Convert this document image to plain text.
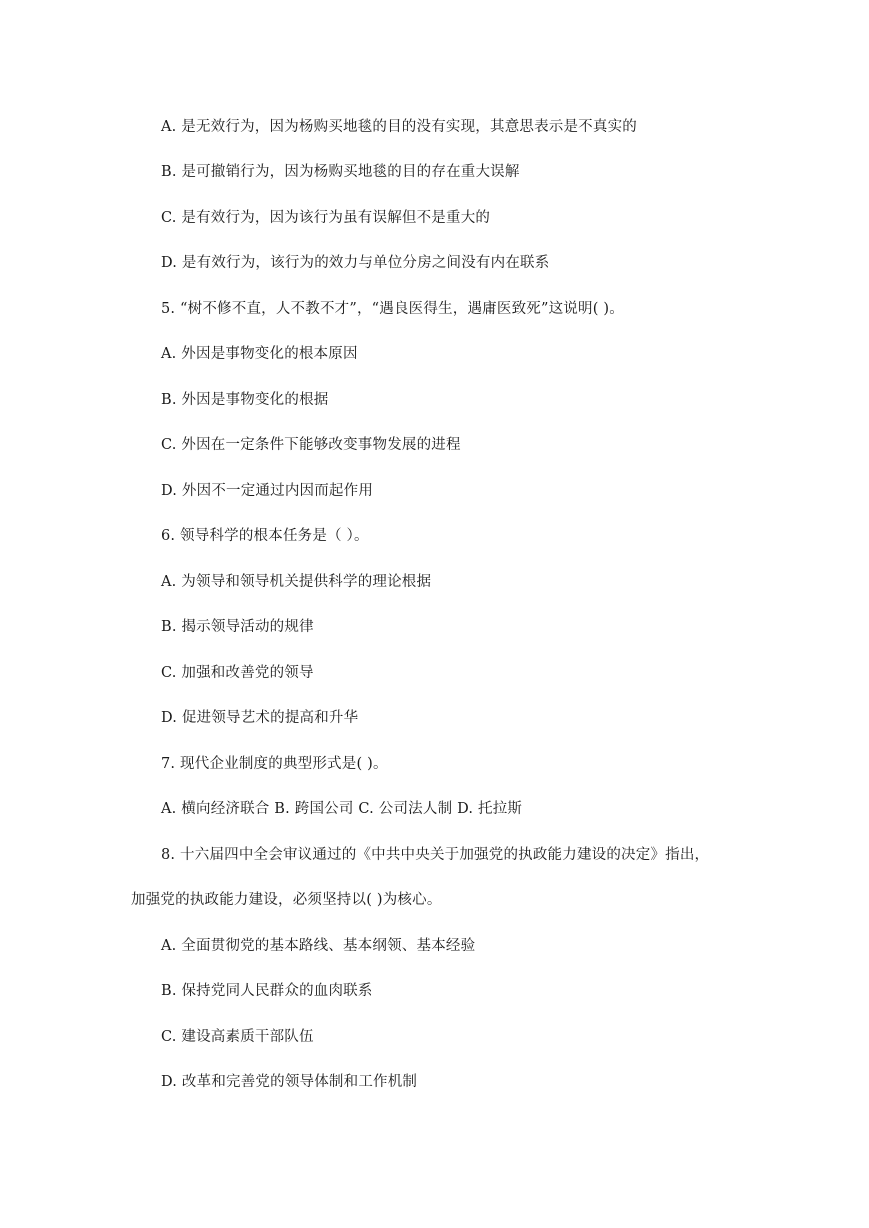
A. 是无效行为，因为杨购买地毯的目的没有实现，其意思表示是不真实的
B. 是可撤销行为，因为杨购买地毯的目的存在重大误解
C. 是有效行为，因为该行为虽有误解但不是重大的
D. 是有效行为，该行为的效力与单位分房之间没有内在联系
5. “树不修不直，人不教不才”，“遇良医得生，遇庸医致死”这说明( )。
A. 外因是事物变化的根本原因
B. 外因是事物变化的根据
C. 外因在一定条件下能够改变事物发展的进程
D. 外因不一定通过内因而起作用
6. 领导科学的根本任务是（ ）。
A. 为领导和领导机关提供科学的理论根据
B. 揭示领导活动的规律
C. 加强和改善党的领导
D. 促进领导艺术的提高和升华
7. 现代企业制度的典型形式是( )。
A. 横向经济联合 B. 跨国公司 C. 公司法人制 D. 托拉斯
8. 十六届四中全会审议通过的《中共中央关于加强党的执政能力建设的决定》指出，
加强党的执政能力建设，必须坚持以( )为核心。
A. 全面贯彻党的基本路线、基本纲领、基本经验
B. 保持党同人民群众的血肉联系
C. 建设高素质干部队伍
D. 改革和完善党的领导体制和工作机制
